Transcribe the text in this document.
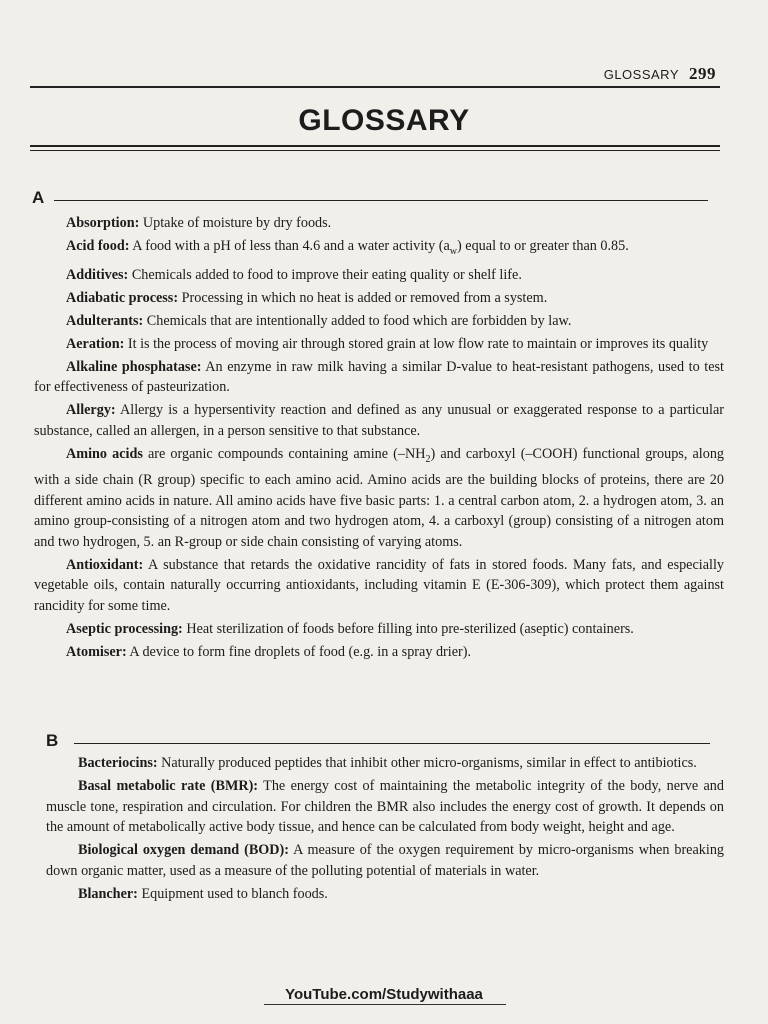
GLOSSARY 299
GLOSSARY
A

Absorption: Uptake of moisture by dry foods.

Acid food: A food with a pH of less than 4.6 and a water activity $(a_w)$ equal to or greater than 0.85.

Additives: Chemicals added to food to improve their eating quality or shelf life.

Adiabatic process: Processing in which no heat is added or removed from a system.

Adulterants: Chemicals that are intentionally added to food which are forbidden by law.

Aeration: It is the process of moving air through stored grain at low flow rate to maintain or improves its quality

Alkaline phosphatase: An enzyme in raw milk having a similar D-value to heat-resistant pathogens, used to test for effectiveness of pasteurization.

Allergy: Allergy is a hypersentivity reaction and defined as any unusual or exaggerated response to a particular substance, called an allergen, in a person sensitive to that substance.

Amino acids are organic compounds containing amine $(-NH_2)$ and carboxyl (–COOH) functional groups, along with a side chain (R group) specific to each amino acid. Amino acids are the building blocks of proteins, there are 20 different amino acids in nature. All amino acids have five basic parts: 1. a central carbon atom, 2. a hydrogen atom, 3. an amino group-consisting of a nitrogen atom and two hydrogen atom, 4. a carboxyl (group) consisting of a nitrogen atom and two hydrogen, 5. an R-group or side chain consisting of varying atoms.

Antioxidant: A substance that retards the oxidative rancidity of fats in stored foods. Many fats, and especially vegetable oils, contain naturally occurring antioxidants, including vitamin E (E-306-309), which protect them against rancidity for some time.

Aseptic processing: Heat sterilization of foods before filling into pre-sterilized (aseptic) containers.

Atomiser: A device to form fine droplets of food (e.g. in a spray drier).

B

Bacteriocins: Naturally produced peptides that inhibit other micro-organisms, similar in effect to antibiotics.

Basal metabolic rate (BMR): The energy cost of maintaining the metabolic integrity of the body, nerve and muscle tone, respiration and circulation. For children the BMR also includes the energy cost of growth. It depends on the amount of metabolically active body tissue, and hence can be calculated from body weight, height and age.

Biological oxygen demand (BOD): A measure of the oxygen requirement by micro-organisms when breaking down organic matter, used as a measure of the polluting potential of materials in water.

Blancher: Equipment used to blanch foods.

YouTube.com/Studywithaaa
